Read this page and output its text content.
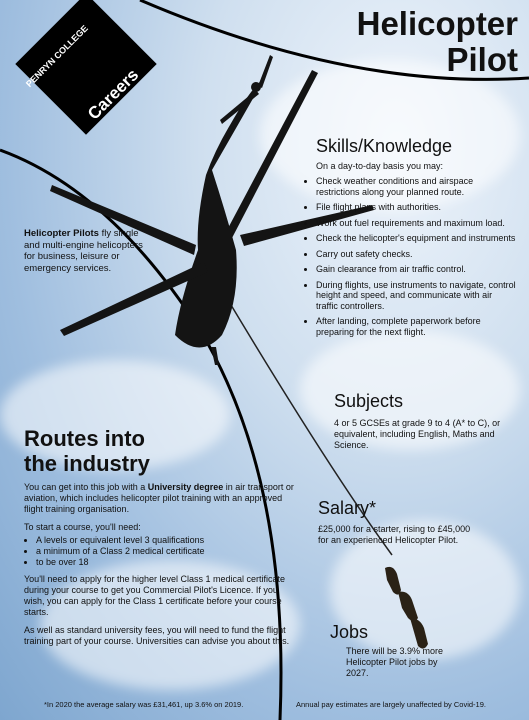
PENRYN COLLEGE
Careers
Helicopter
Pilot
Helicopter Pilots fly single and multi-engine helicopters for business, leisure or emergency services.
Skills/Knowledge
On a day-to-day basis you may:
• Check weather conditions and airspace restrictions along your planned route.
• File flight plans with authorities.
• Work out fuel requirements and maximum load.
• Check the helicopter's equipment and instruments
• Carry out safety checks.
• Gain clearance from air traffic control.
• During flights, use instruments to navigate, control height and speed, and communicate with air traffic controllers.
• After landing, complete paperwork before preparing for the next flight.
Subjects
4 or 5 GCSEs at grade 9 to 4 (A* to C), or equivalent, including English, Maths and Science.
Routes into
the industry

You can get into this job with a University degree in air transport or aviation, which includes helicopter pilot training with an approved flight training organisation.

To start a course, you'll need:

• A levels or equivalent level 3 qualifications
• a minimum of a Class 2 medical certificate
• to be over 18

You'll need to apply for the higher level Class 1 medical certificate during your course to get you Commercial Pilot's Licence. If you wish, you can apply for the Class 1 certificate before your course starts.

As well as standard university fees, you will need to fund the flight training part of your course. Universities can advise you about this.

Salary*
£25,000 for a starter, rising to £45,000 for an experienced Helicopter Pilot.
Jobs
There will be 3.9% more Helicopter Pilot jobs by 2027.
*In 2020 the average salary was £31,461, up 3.6% on 2019.	Annual pay estimates are largely unaffected by Covid-19.
